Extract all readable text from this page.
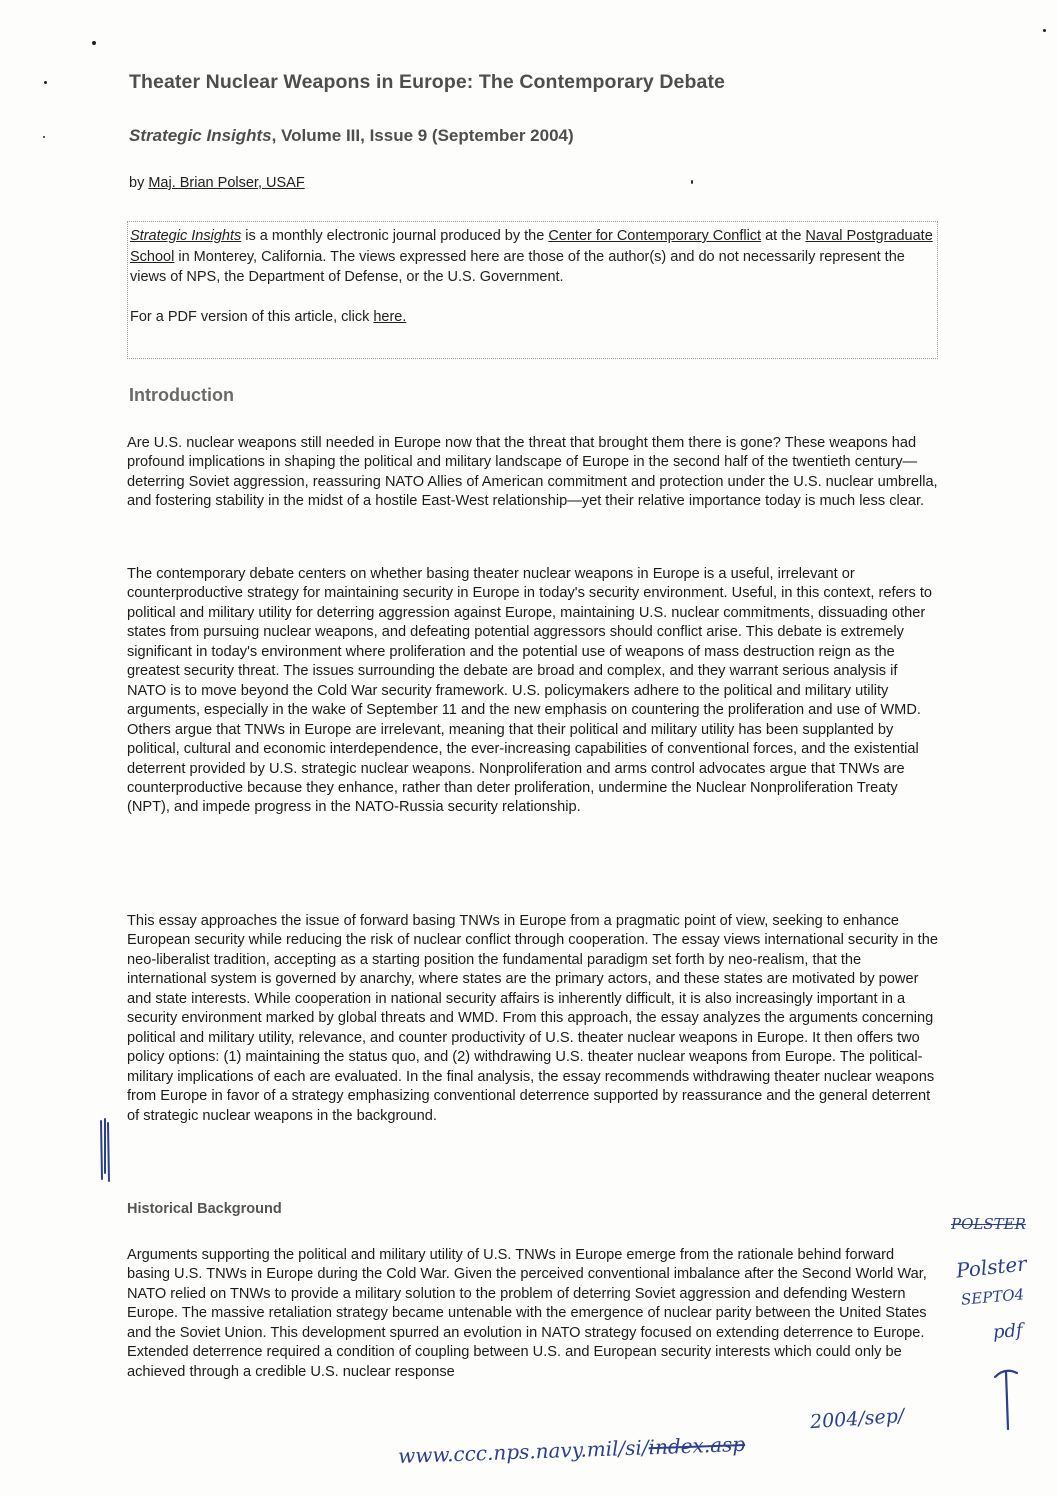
Theater Nuclear Weapons in Europe: The Contemporary Debate

Strategic Insights, Volume III, Issue 9 (September 2004)

by Maj. Brian Polser, USAF

Strategic Insights is a monthly electronic journal produced by the Center for Contemporary Conflict at the Naval Postgraduate School in Monterey, California. The views expressed here are those of the author(s) and do not necessarily represent the views of NPS, the Department of Defense, or the U.S. Government.

For a PDF version of this article, click here.

Introduction

Are U.S. nuclear weapons still needed in Europe now that the threat that brought them there is gone? These weapons had profound implications in shaping the political and military landscape of Europe in the second half of the twentieth century—deterring Soviet aggression, reassuring NATO Allies of American commitment and protection under the U.S. nuclear umbrella, and fostering stability in the midst of a hostile East-West relationship—yet their relative importance today is much less clear.

The contemporary debate centers on whether basing theater nuclear weapons in Europe is a useful, irrelevant or counterproductive strategy for maintaining security in Europe in today's security environment. Useful, in this context, refers to political and military utility for deterring aggression against Europe, maintaining U.S. nuclear commitments, dissuading other states from pursuing nuclear weapons, and defeating potential aggressors should conflict arise. This debate is extremely significant in today's environment where proliferation and the potential use of weapons of mass destruction reign as the greatest security threat. The issues surrounding the debate are broad and complex, and they warrant serious analysis if NATO is to move beyond the Cold War security framework. U.S. policymakers adhere to the political and military utility arguments, especially in the wake of September 11 and the new emphasis on countering the proliferation and use of WMD. Others argue that TNWs in Europe are irrelevant, meaning that their political and military utility has been supplanted by political, cultural and economic interdependence, the ever-increasing capabilities of conventional forces, and the existential deterrent provided by U.S. strategic nuclear weapons. Nonproliferation and arms control advocates argue that TNWs are counterproductive because they enhance, rather than deter proliferation, undermine the Nuclear Nonproliferation Treaty (NPT), and impede progress in the NATO-Russia security relationship.

This essay approaches the issue of forward basing TNWs in Europe from a pragmatic point of view, seeking to enhance European security while reducing the risk of nuclear conflict through cooperation. The essay views international security in the neo-liberalist tradition, accepting as a starting position the fundamental paradigm set forth by neo-realism, that the international system is governed by anarchy, where states are the primary actors, and these states are motivated by power and state interests. While cooperation in national security affairs is inherently difficult, it is also increasingly important in a security environment marked by global threats and WMD. From this approach, the essay analyzes the arguments concerning political and military utility, relevance, and counter productivity of U.S. theater nuclear weapons in Europe. It then offers two policy options: (1) maintaining the status quo, and (2) withdrawing U.S. theater nuclear weapons from Europe. The political-military implications of each are evaluated. In the final analysis, the essay recommends withdrawing theater nuclear weapons from Europe in favor of a strategy emphasizing conventional deterrence supported by reassurance and the general deterrent of strategic nuclear weapons in the background.

Historical Background

Arguments supporting the political and military utility of U.S. TNWs in Europe emerge from the rationale behind forward basing U.S. TNWs in Europe during the Cold War. Given the perceived conventional imbalance after the Second World War, NATO relied on TNWs to provide a military solution to the problem of deterring Soviet aggression and defending Western Europe. The massive retaliation strategy became untenable with the emergence of nuclear parity between the United States and the Soviet Union. This development spurred an evolution in NATO strategy focused on extending deterrence to Europe. Extended deterrence required a condition of coupling between U.S. and European security interests which could only be achieved through a credible U.S. nuclear response

POLSTER

Polster

SEPTO4

pdf

2004/sep/

www.ccc.nps.navy.mil/si/index.asp
